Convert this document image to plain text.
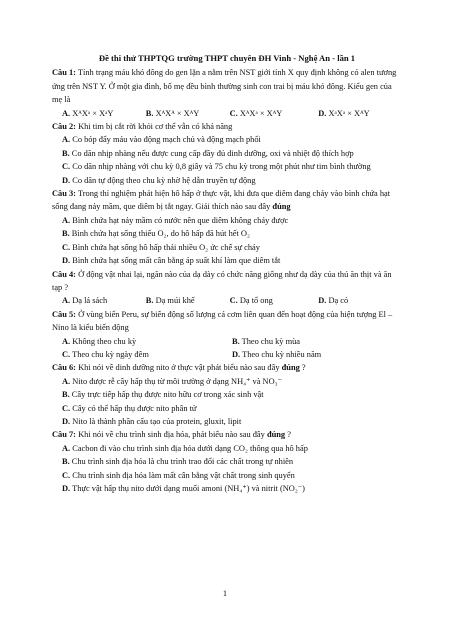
Đề thi thử THPTQG trường THPT chuyên ĐH Vinh - Nghệ An - lần 1

Câu 1: Tính trạng máu khó đông do gen lặn a nằm trên NST giới tính X quy định không có alen tương ứng trên NST Y. Ở một gia đình, bố mẹ đều bình thường sinh con trai bị máu khó đông. Kiểu gen của mẹ là

A. XᴬXᵃ × XᵃY	B. XᴬXᴬ × XᴬY	C. XᴬXᵃ × XᴬY	D. XᵃXᵃ × XᴬY

Câu 2: Khi tim bị cắt rời khỏi cơ thể vẫn có khả năng

A. Co bóp đẩy máu vào động mạch chủ và động mạch phổi

B. Co dãn nhịp nhàng nếu được cung cấp đầy đủ dinh dưỡng, oxi và nhiệt độ thích hợp

C. Co dãn nhịp nhàng với chu kỳ 0,8 giây và 75 chu kỳ trong một phút như tim bình thường

D. Co dãn tự động theo chu kỳ nhờ hệ dẫn truyền tự động

Câu 3: Trong thí nghiệm phát hiện hô hấp ở thực vật, khi đưa que diêm đang cháy vào bình chứa hạt sống đang nảy mầm, que diêm bị tắt ngay. Giải thích nào sau đây đúng

A. Bình chứa hạt nảy mầm có nước nên que diêm không cháy được

B. Bình chứa hạt sống thiếu O₂, do hô hấp đã hút hết O₂

C. Bình chứa hạt sống hô hấp thải nhiều O₂ ức chế sự cháy

D. Bình chứa hạt sống mất cân bằng áp suất khí làm que diêm tắt

Câu 4: Ở động vật nhai lại, ngăn nào của dạ dày có chức năng giống như dạ dày của thú ăn thịt và ăn tạp ?

A. Dạ lá sách	B. Dạ múi khế	C. Dạ tổ ong	D. Dạ cỏ

Câu 5: Ở vùng biển Peru, sự biến động số lượng cá cơm liên quan đến hoạt động của hiện tượng El – Nino là kiểu biến động

A. Không theo chu kỳ	B. Theo chu kỳ mùa
C. Theo chu kỳ ngày đêm	D. Theo chu kỳ nhiều năm

Câu 6: Khi nói về dinh dưỡng nito ở thực vật phát biểu nào sau đây đúng ?

A. Nito được rễ cây hấp thụ từ môi trường ở dạng NH₄⁺ và NO₃⁻

B. Cây trực tiếp hấp thụ được nito hữu cơ trong xác sinh vật

C. Cây có thể hấp thụ được nito phân tử

D. Nito là thành phần cấu tạo của protein, gluxit, lipit

Câu 7: Khi nói về chu trình sinh địa hóa, phát biểu nào sau đây đúng ?

A. Cacbon đi vào chu trình sinh địa hóa dưới dạng CO₂ thông qua hô hấp

B. Chu trình sinh địa hóa là chu trình trao đổi các chất trong tự nhiên

C. Chu trình sinh địa hóa làm mất cân bằng vật chất trong sinh quyển

D. Thực vật hấp thụ nito dưới dạng muối amoni (NH₄⁺) và nitrit (NO₂⁻)

1
